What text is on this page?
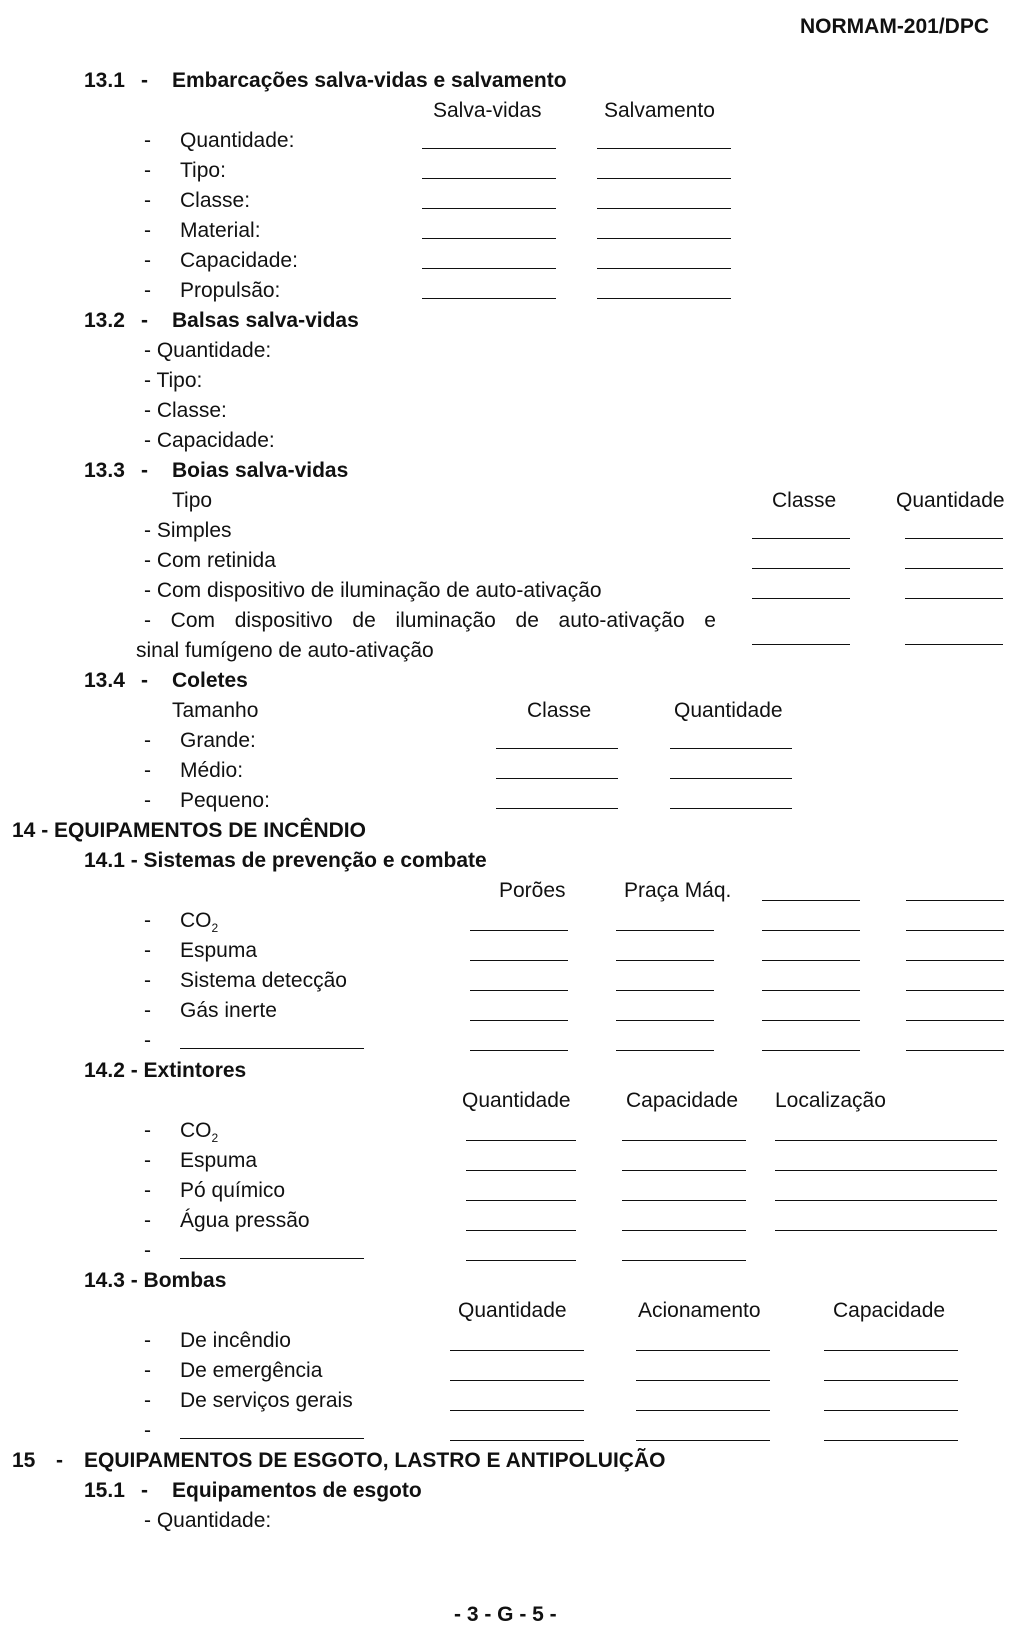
NORMAM-201/DPC
13.1 - Embarcações salva-vidas e salvamento
Salva-vidas	Salvamento
- Quantidade:
- Tipo:
- Classe:
- Material:
- Capacidade:
- Propulsão:
13.2 - Balsas salva-vidas
- Quantidade:
- Tipo:
- Classe:
- Capacidade:
13.3 - Boias salva-vidas
Tipo	Classe	Quantidade
- Simples
- Com retinida
- Com dispositivo de iluminação de auto-ativação
- Com dispositivo de iluminação de auto-ativação e
sinal fumígeno de auto-ativação
13.4 - Coletes
Tamanho	Classe	Quantidade
- Grande:
- Médio:
- Pequeno:
14 - EQUIPAMENTOS DE INCÊNDIO
14.1 - Sistemas de prevenção e combate
Porões	Praça Máq.
- $CO_2$
- Espuma
- Sistema detecção
- Gás inerte
-
14.2 - Extintores
Quantidade	Capacidade Localização
- $CO_2$
- Espuma
- Pó químico
- Água pressão
-
14.3 - Bombas
Quantidade	Acionamento	Capacidade
- De incêndio
- De emergência
- De serviços gerais
-
15 - EQUIPAMENTOS DE ESGOTO, LASTRO E ANTIPOLUIÇÃO
15.1 - Equipamentos de esgoto
- Quantidade:
- 3 - G - 5 -
